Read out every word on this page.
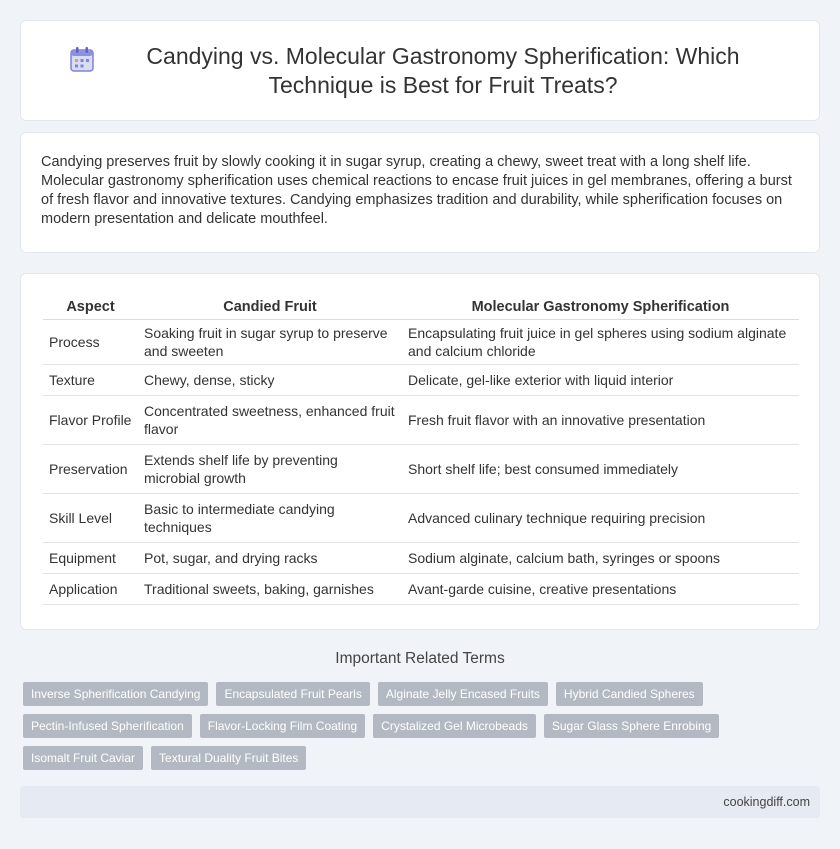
Candying vs. Molecular Gastronomy Spherification: Which Technique is Best for Fruit Treats?

Candying preserves fruit by slowly cooking it in sugar syrup, creating a chewy, sweet treat with a long shelf life. Molecular gastronomy spherification uses chemical reactions to encase fruit juices in gel membranes, offering a burst of fresh flavor and innovative textures. Candying emphasizes tradition and durability, while spherification focuses on modern presentation and delicate mouthfeel.

Aspect	Candied Fruit	Molecular Gastronomy Spherification
Process	Soaking fruit in sugar syrup to preserve and sweeten	Encapsulating fruit juice in gel spheres using sodium alginate and calcium chloride
Texture	Chewy, dense, sticky	Delicate, gel-like exterior with liquid interior
Flavor Profile	Concentrated sweetness, enhanced fruit flavor	Fresh fruit flavor with an innovative presentation
Preservation	Extends shelf life by preventing microbial growth	Short shelf life; best consumed immediately
Skill Level	Basic to intermediate candying techniques	Advanced culinary technique requiring precision
Equipment	Pot, sugar, and drying racks	Sodium alginate, calcium bath, syringes or spoons
Application	Traditional sweets, baking, garnishes	Avant-garde cuisine, creative presentations
Important Related Terms
Inverse Spherification Candying	Encapsulated Fruit Pearls	Alginate Jelly Encased Fruits	Hybrid Candied Spheres
Pectin-Infused Spherification	Flavor-Locking Film Coating	Crystalized Gel Microbeads	Sugar Glass Sphere Enrobing
Isomalt Fruit Caviar	Textural Duality Fruit Bites
cookingdiff.com
